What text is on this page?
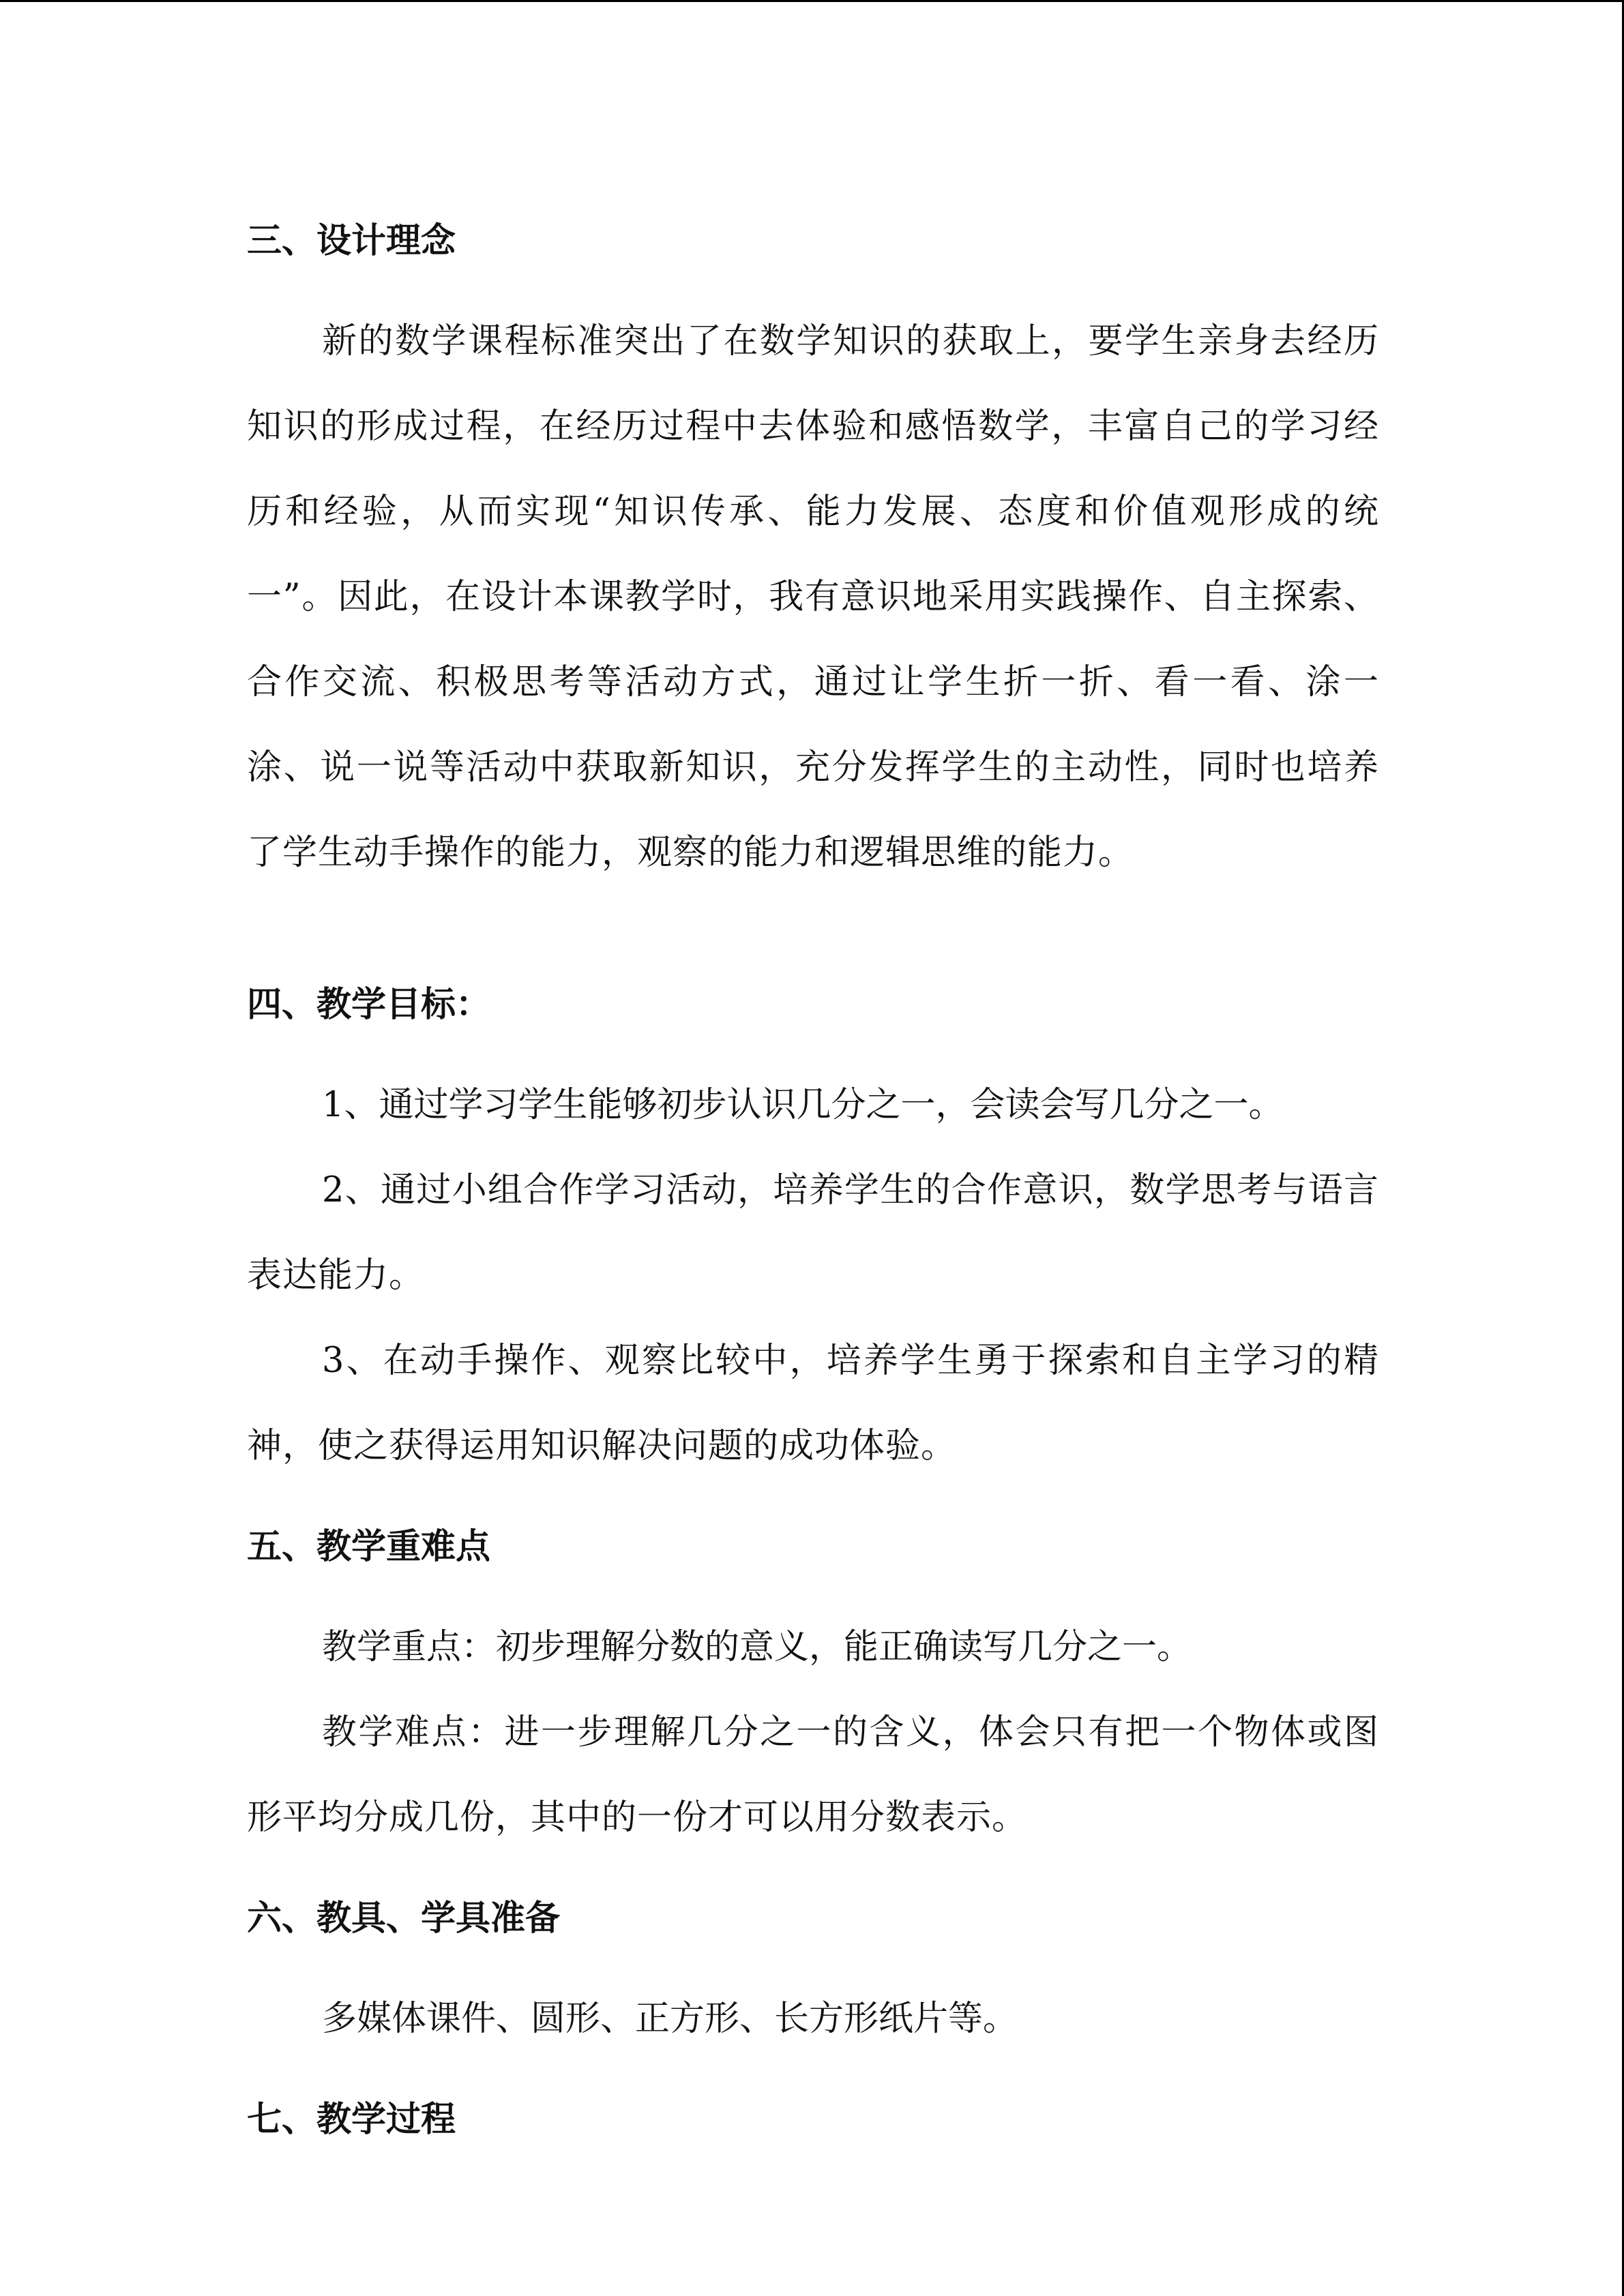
三、设计理念

新的数学课程标准突出了在数学知识的获取上，要学生亲身去经历知识的形成过程，在经历过程中去体验和感悟数学，丰富自己的学习经历和经验，从而实现“知识传承、能力发展、态度和价值观形成的统一”。因此，在设计本课教学时，我有意识地采用实践操作、自主探索、合作交流、积极思考等活动方式，通过让学生折一折、看一看、涂一涂、说一说等活动中获取新知识，充分发挥学生的主动性，同时也培养了学生动手操作的能力，观察的能力和逻辑思维的能力。

四、教学目标：

1、通过学习学生能够初步认识几分之一，会读会写几分之一。

2、通过小组合作学习活动，培养学生的合作意识，数学思考与语言表达能力。

3、在动手操作、观察比较中，培养学生勇于探索和自主学习的精神，使之获得运用知识解决问题的成功体验。

五、教学重难点

教学重点：初步理解分数的意义，能正确读写几分之一。

教学难点：进一步理解几分之一的含义，体会只有把一个物体或图形平均分成几份，其中的一份才可以用分数表示。

六、教具、学具准备

多媒体课件、圆形、正方形、长方形纸片等。

七、教学过程
